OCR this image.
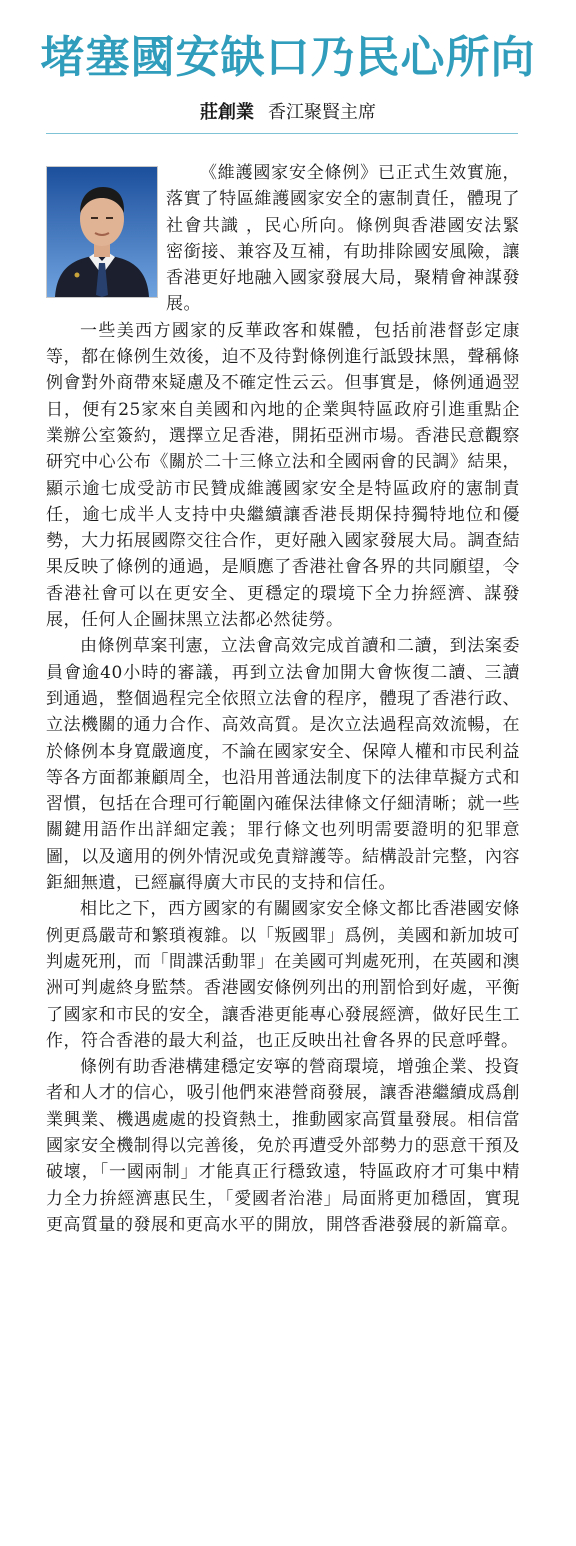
堵塞國安缺口乃民心所向
莊創業 香江聚賢主席

《維護國家安全條例》已正式生效實施，落實了特區維護國家安全的憲制責任，體現了社會共識 ，民心所向。條例與香港國安法緊密銜接、兼容及互補，有助排除國安風險，讓香港更好地融入國家發展大局，聚精會神謀發展。

一些美西方國家的反華政客和媒體，包括前港督彭定康等，都在條例生效後，迫不及待對條例進行詆毀抹黑，聲稱條例會對外商帶來疑慮及不確定性云云。但事實是，條例通過翌日，便有25家來自美國和內地的企業與特區政府引進重點企業辦公室簽約，選擇立足香港，開拓亞洲市場。香港民意觀察研究中心公布《關於二十三條立法和全國兩會的民調》結果，顯示逾七成受訪市民贊成維護國家安全是特區政府的憲制責任，逾七成半人支持中央繼續讓香港長期保持獨特地位和優勢，大力拓展國際交往合作，更好融入國家發展大局。調查結果反映了條例的通過，是順應了香港社會各界的共同願望，令香港社會可以在更安全、更穩定的環境下全力拚經濟、謀發展，任何人企圖抹黑立法都必然徒勞。

由條例草案刊憲，立法會高效完成首讀和二讀，到法案委員會逾40小時的審議，再到立法會加開大會恢復二讀、三讀到通過，整個過程完全依照立法會的程序，體現了香港行政、立法機關的通力合作、高效高質。是次立法過程高效流暢，在於條例本身寬嚴適度，不論在國家安全、保障人權和市民利益等各方面都兼顧周全，也沿用普通法制度下的法律草擬方式和習慣，包括在合理可行範圍內確保法律條文仔細清晰；就一些關鍵用語作出詳細定義；罪行條文也列明需要證明的犯罪意圖，以及適用的例外情況或免責辯護等。結構設計完整，內容鉅細無遺，已經贏得廣大市民的支持和信任。

相比之下，西方國家的有關國家安全條文都比香港國安條例更爲嚴苛和繁瑣複雜。以「叛國罪」爲例，美國和新加坡可判處死刑，而「間諜活動罪」在美國可判處死刑，在英國和澳洲可判處終身監禁。香港國安條例列出的刑罰恰到好處，平衡了國家和市民的安全，讓香港更能專心發展經濟，做好民生工作，符合香港的最大利益，也正反映出社會各界的民意呼聲。

條例有助香港構建穩定安寧的營商環境，增強企業、投資者和人才的信心，吸引他們來港營商發展，讓香港繼續成爲創業興業、機遇處處的投資熱土，推動國家高質量發展。相信當國家安全機制得以完善後，免於再遭受外部勢力的惡意干預及破壞，「一國兩制」才能真正行穩致遠，特區政府才可集中精力全力拚經濟惠民生，「愛國者治港」局面將更加穩固，實現更高質量的發展和更高水平的開放，開啓香港發展的新篇章。
